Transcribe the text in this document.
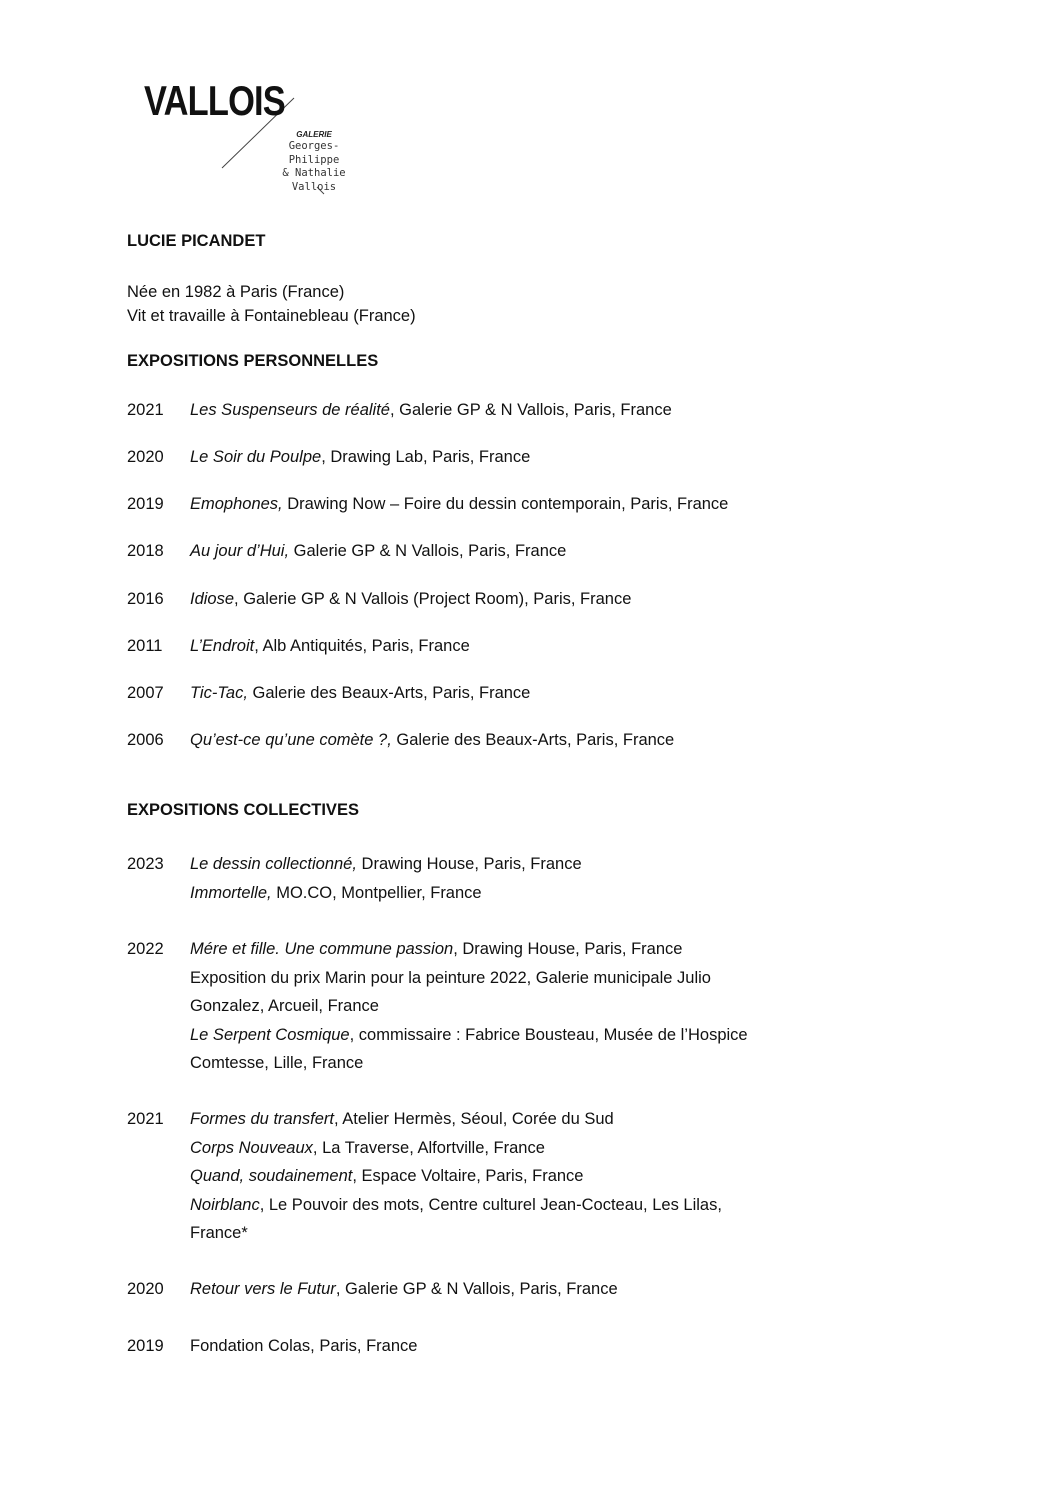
VALLOIS
GALERIE
Georges-Philippe
& Nathalie
Vallois
LUCIE PICANDET
Née en 1982 à Paris (France)
Vit et travaille à Fontainebleau (France)
EXPOSITIONS PERSONNELLES
2021 Les Suspenseurs de réalité, Galerie GP & N Vallois, Paris, France
2020 Le Soir du Poulpe, Drawing Lab, Paris, France
2019 Emophones, Drawing Now – Foire du dessin contemporain, Paris, France
2018 Au jour d’Hui, Galerie GP & N Vallois, Paris, France
2016 Idiose, Galerie GP & N Vallois (Project Room), Paris, France
2011 L’Endroit, Alb Antiquités, Paris, France
2007 Tic-Tac, Galerie des Beaux-Arts, Paris, France
2006 Qu’est-ce qu’une comète ?, Galerie des Beaux-Arts, Paris, France
EXPOSITIONS COLLECTIVES
2023 Le dessin collectionné, Drawing House, Paris, France
Immortelle, MO.CO, Montpellier, France
2022 Mére et fille. Une commune passion, Drawing House, Paris, France
Exposition du prix Marin pour la peinture 2022, Galerie municipale Julio
Gonzalez, Arcueil, France
Le Serpent Cosmique, commissaire : Fabrice Bousteau, Musée de l’Hospice
Comtesse, Lille, France
2021 Formes du transfert, Atelier Hermès, Séoul, Corée du Sud
Corps Nouveaux, La Traverse, Alfortville, France
Quand, soudainement, Espace Voltaire, Paris, France
Noirblanc, Le Pouvoir des mots, Centre culturel Jean-Cocteau, Les Lilas,
France*
2020 Retour vers le Futur, Galerie GP & N Vallois, Paris, France
2019 Fondation Colas, Paris, France
